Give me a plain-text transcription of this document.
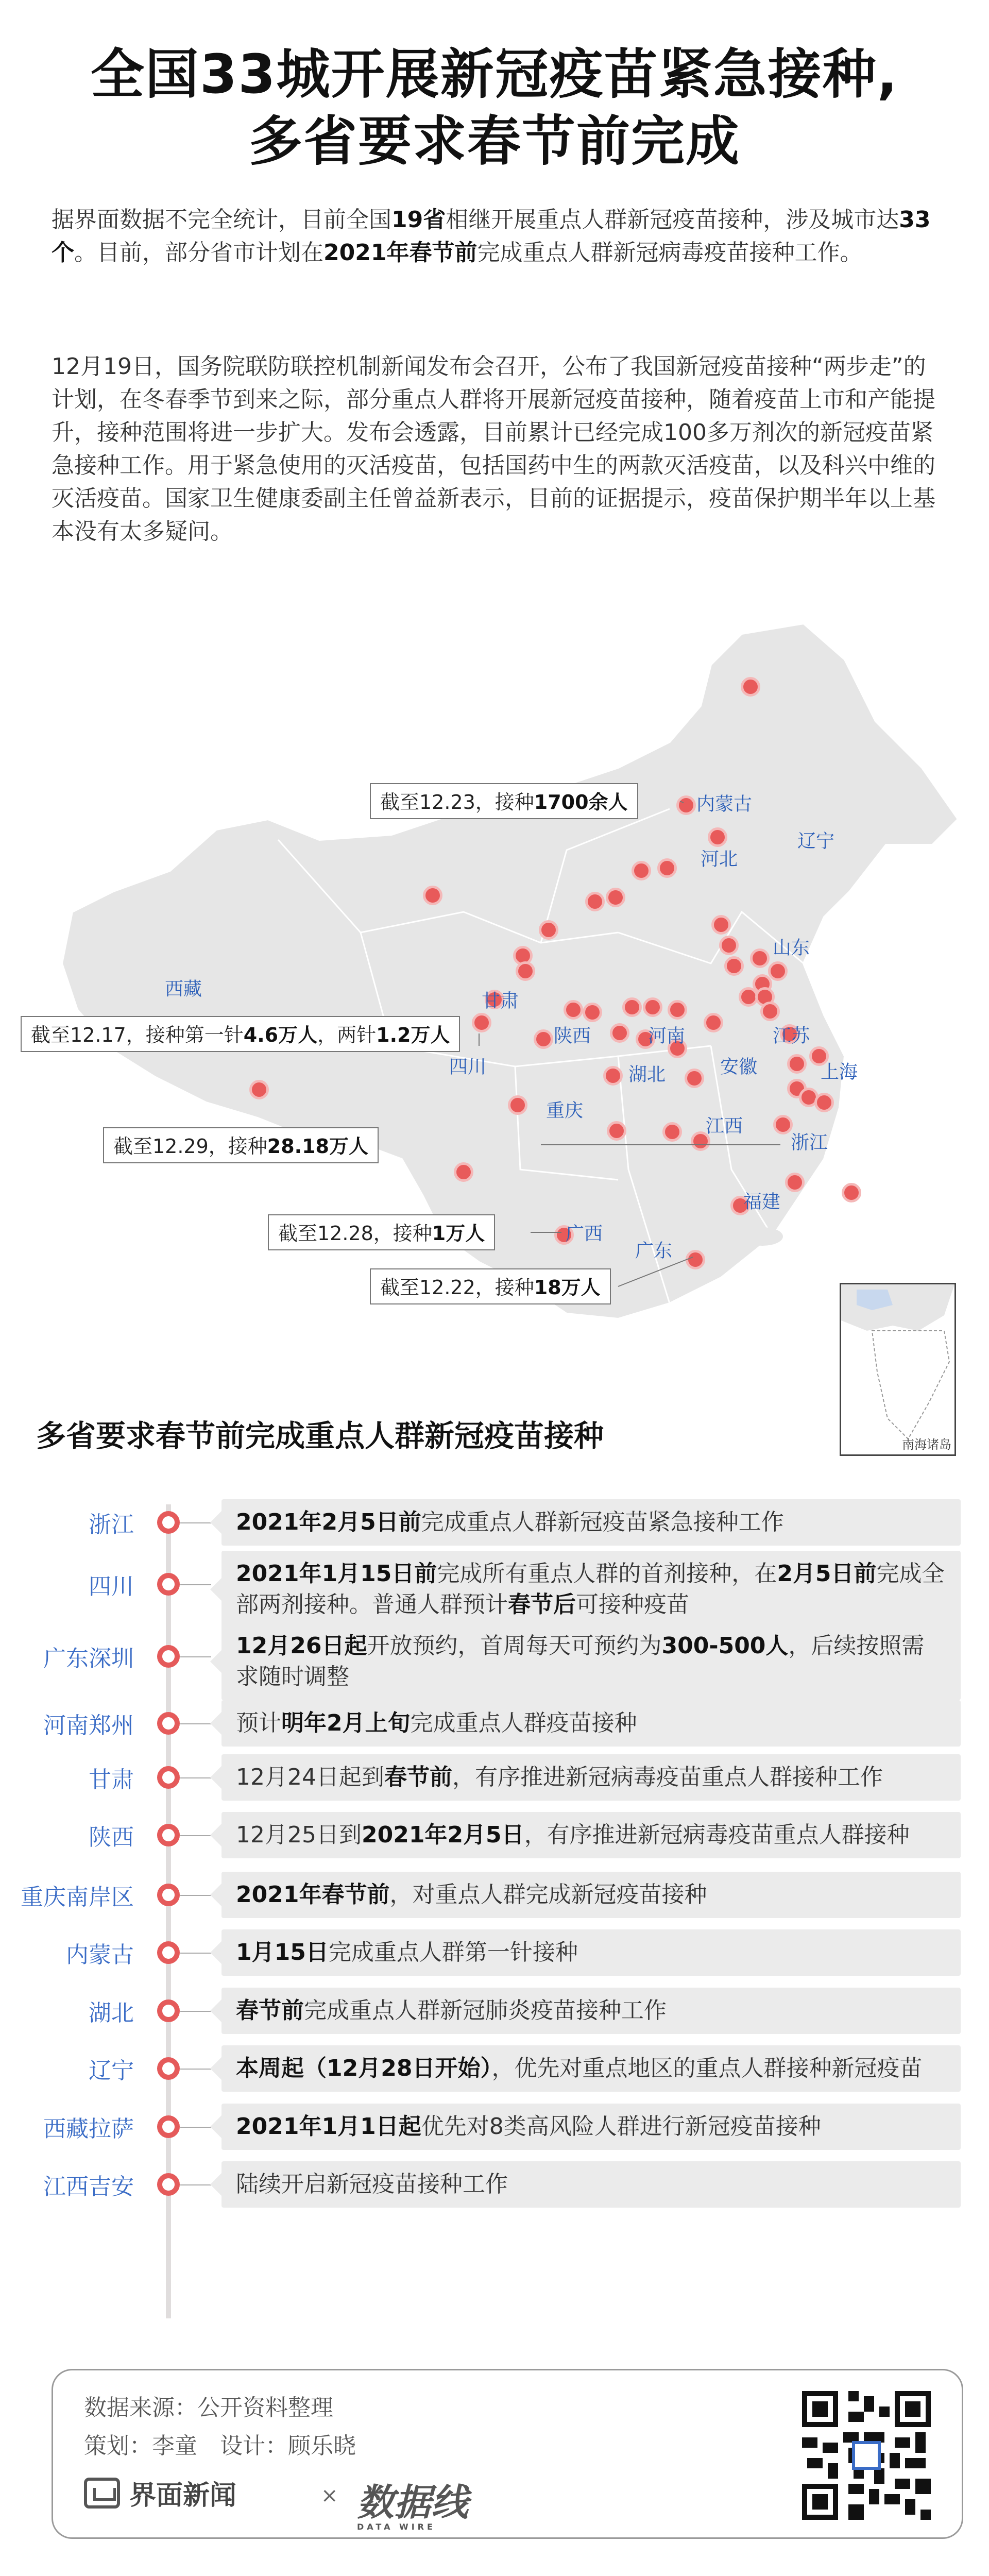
全国33城开展新冠疫苗紧急接种,
多省要求春节前完成
据界面数据不完全统计，目前全国19省相继开展重点人群新冠疫苗接种，涉及城市达33个。目前，部分省市计划在2021年春节前完成重点人群新冠病毒疫苗接种工作。
12月19日，国务院联防联控机制新闻发布会召开，公布了我国新冠疫苗接种“两步走”的计划，在冬春季节到来之际，部分重点人群将开展新冠疫苗接种，随着疫苗上市和产能提升，接种范围将进一步扩大。发布会透露，目前累计已经完成100多万剂次的新冠疫苗紧急接种工作。用于紧急使用的灭活疫苗，包括国药中生的两款灭活疫苗，以及科兴中维的灭活疫苗。国家卫生健康委副主任曾益新表示，目前的证据提示，疫苗保护期半年以上基本没有太多疑问。
内蒙古
辽宁
河北
山东
西藏
甘肃
陕西	河南
四川	湖北	安徽
江苏
上海
重庆
江西
浙江
福建
广西
广东
截至12.23，接种1700余人
截至12.17，接种第一针4.6万人，两针1.2万人
截至12.29，接种28.18万人
截至12.28，接种1万人
截至12.22，接种18万人
南海诸岛
多省要求春节前完成重点人群新冠疫苗接种
浙江	2021年2月5日前完成重点人群新冠疫苗紧急接种工作
四川	2021年1月15日前完成所有重点人群的首剂接种，在2月5日前完成全部两剂接种。普通人群预计春节后可接种疫苗
广东深圳	12月26日起开放预约，首周每天可预约为300-500人，后续按照需求随时调整
河南郑州	预计明年2月上旬完成重点人群疫苗接种
甘肃	12月24日起到春节前，有序推进新冠病毒疫苗重点人群接种工作
陕西	12月25日到2021年2月5日，有序推进新冠病毒疫苗重点人群接种
重庆南岸区	2021年春节前，对重点人群完成新冠疫苗接种
内蒙古	1月15日完成重点人群第一针接种
湖北	春节前完成重点人群新冠肺炎疫苗接种工作
辽宁	本周起（12月28日开始），优先对重点地区的重点人群接种新冠疫苗
西藏拉萨	2021年1月1日起优先对8类高风险人群进行新冠疫苗接种
江西吉安	陆续开启新冠疫苗接种工作
数据来源：公开资料整理
策划：李童　设计：顾乐晓
界面新闻	× 数据线
DATA WIRE
